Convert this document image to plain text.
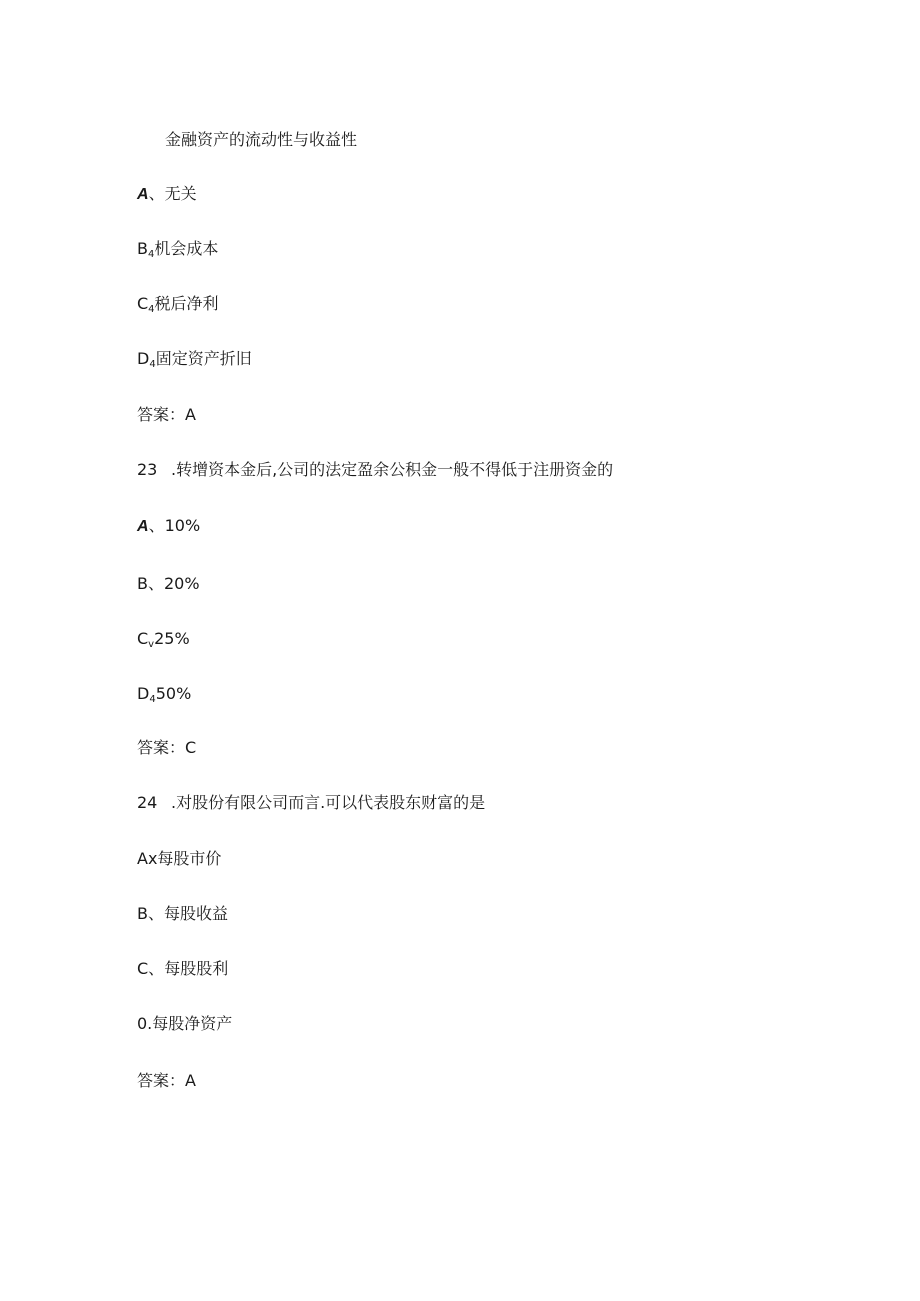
金融资产的流动性与收益性
A、无关
$B_4$机会成本
$C_4$税后净利
$D_4$固定资产折旧
答案：A
23 .转增资本金后,公司的法定盈余公积金一般不得低于注册资金的
A、10%
B、20%
$C_v25\%$
$D_450\%$
答案：C
24 .对股份有限公司而言.可以代表股东财富的是
Ax每股市价
B、每股收益
C、每股股利
0.每股净资产
答案：A
